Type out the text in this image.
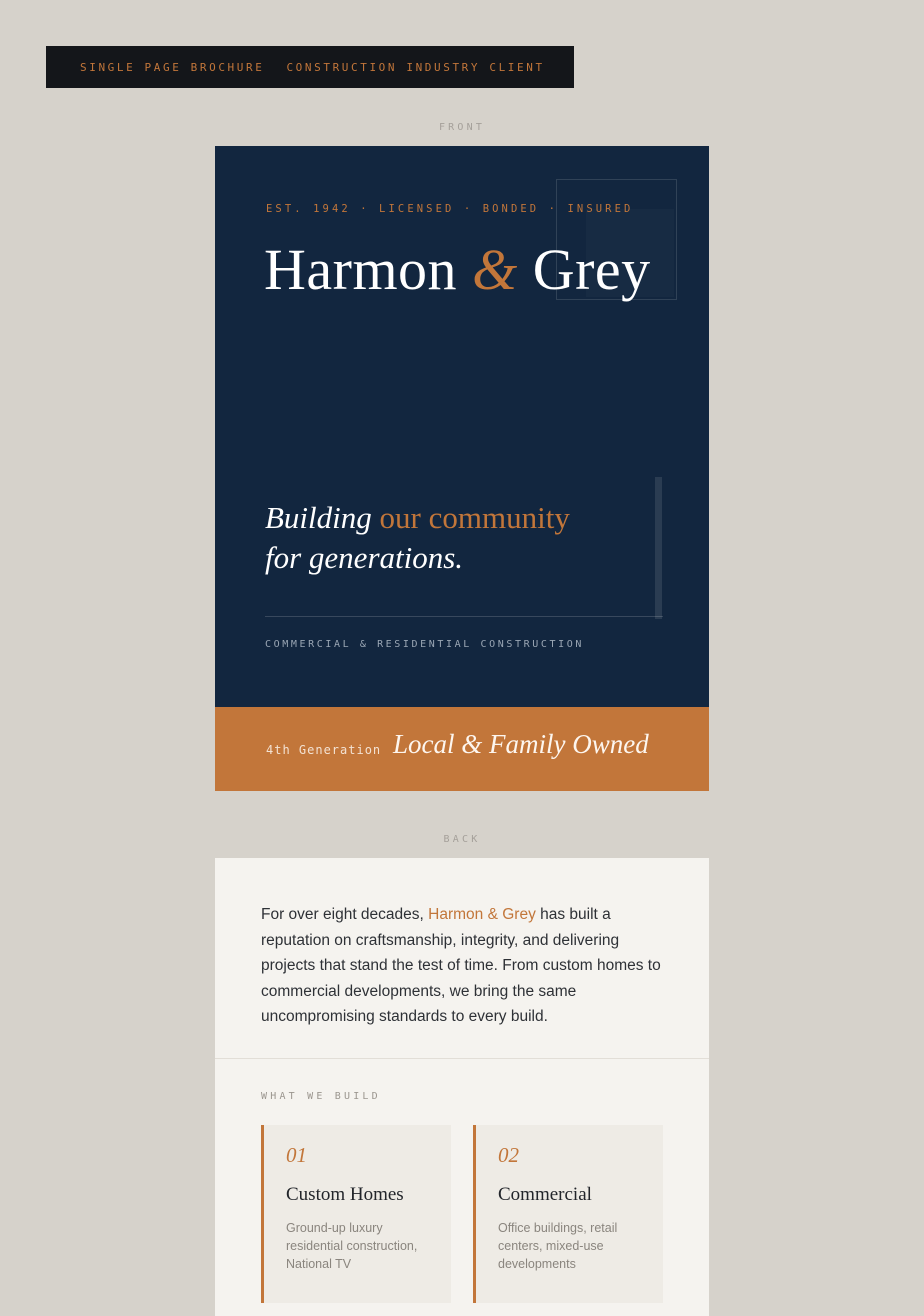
SINGLE PAGE BROCHURE CONSTRUCTION INDUSTRY CLIENT
FRONT
EST. 1942 · LICENSED · BONDED · INSURED
Harmon & Grey
Building our community
for generations.
COMMERCIAL & RESIDENTIAL CONSTRUCTION
4th Generation Local & Family Owned
BACK
For over eight decades, Harmon & Grey has built a reputation on craftsmanship, integrity, and delivering projects that stand the test of time. From custom homes to commercial developments, we bring the same uncompromising standards to every build.
WHAT WE BUILD
01
Custom Homes
Ground-up luxury residential construction, National TV
02
Commercial
Office buildings, retail centers, mixed-use developments
